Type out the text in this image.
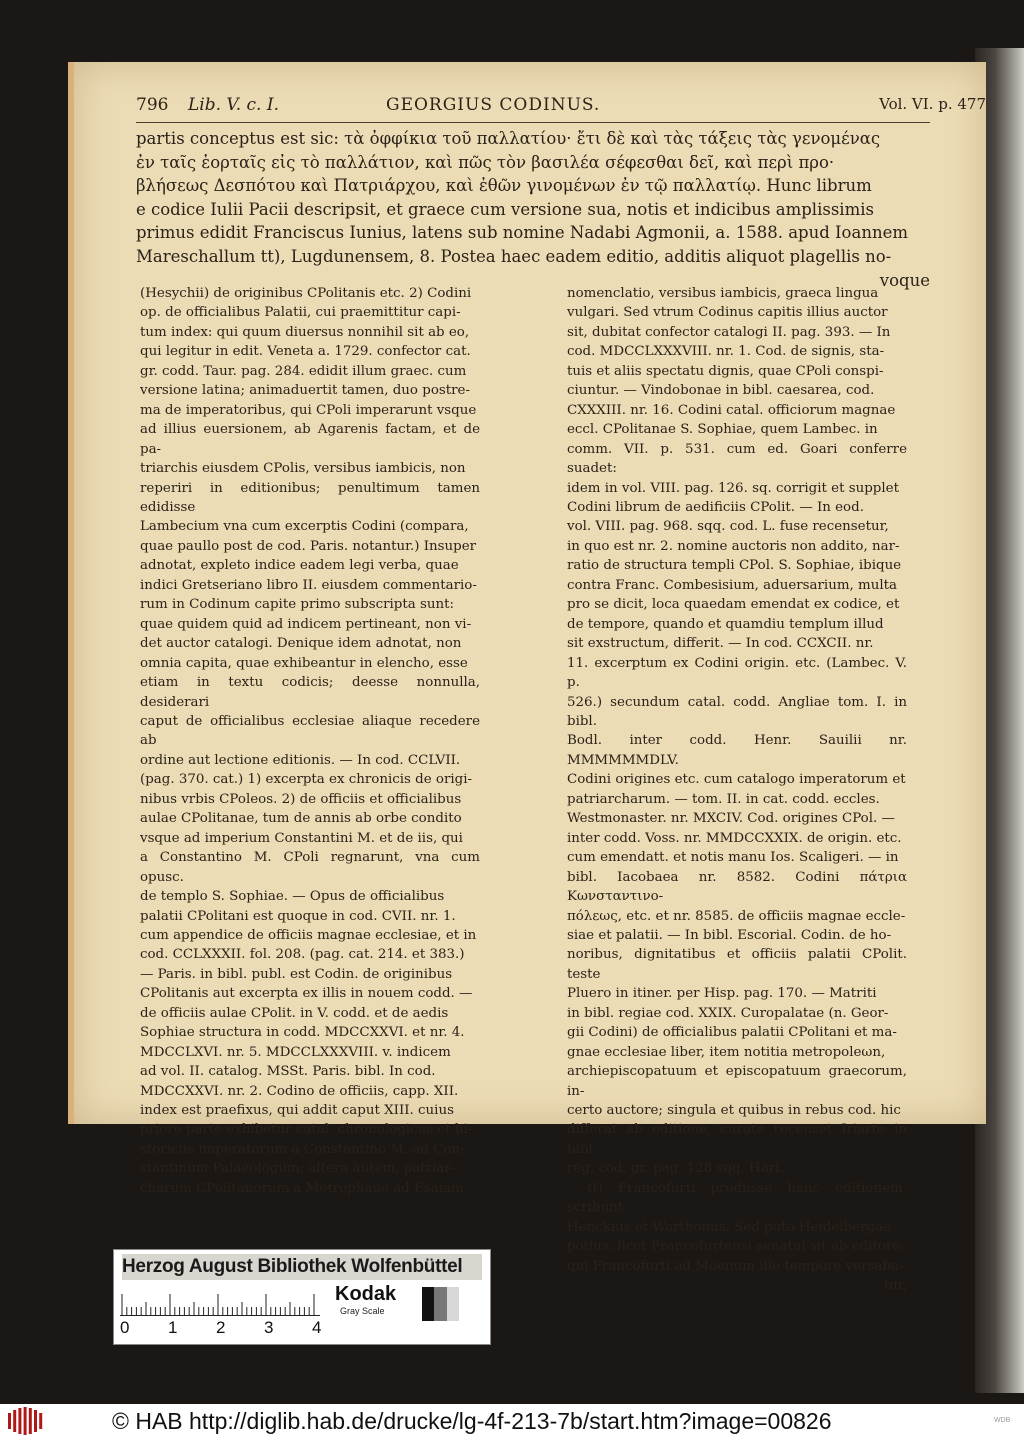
796 Lib. V. c. I.	GEORGIUS CODINUS.	Vol. VI. p. 477

partis conceptus est sic: τὰ ὀφφίκια τοῦ παλλατίου· ἔτι δὲ καὶ τὰς τάξεις τὰς γενομένας

ἐν ταῖς ἑορταῖς εἰς τὸ παλλάτιον, καὶ πῶς τὸν βασιλέα σέφεσθαι δεῖ, καὶ περὶ προ·

βλήσεως Δεσπότου καὶ Πατριάρχου, καὶ ἐθῶν γινομένων ἐν τῷ παλλατίῳ. Hunc librum

e codice Iulii Pacii descripsit, et graece cum versione sua, notis et indicibus amplissimis

primus edidit Franciscus Iunius, latens sub nomine Nadabi Agmonii, a. 1588. apud Ioannem

Mareschallum tt), Lugdunensem, 8. Postea haec eadem editio, additis aliquot plagellis no-

voque

(Hesychii) de originibus CPolitanis etc. 2) Codini

op. de officialibus Palatii, cui praemittitur capi-

tum index: qui quum diuersus nonnihil sit ab eo,

qui legitur in edit. Veneta a. 1729. confector cat.

gr. codd. Taur. pag. 284. edidit illum graec. cum

versione latina; animaduertit tamen, duo postre-

ma de imperatoribus, qui CPoli imperarunt vsque

ad illius euersionem, ab Agarenis factam, et de pa-

triarchis eiusdem CPolis, versibus iambicis, non

reperiri in editionibus; penultimum tamen edidisse

Lambecium vna cum excerptis Codini (compara,

quae paullo post de cod. Paris. notantur.) Insuper

adnotat, expleto indice eadem legi verba, quae

indici Gretseriano libro II. eiusdem commentario-

rum in Codinum capite primo subscripta sunt:

quae quidem quid ad indicem pertineant, non vi-

det auctor catalogi. Denique idem adnotat, non

omnia capita, quae exhibeantur in elencho, esse

etiam in textu codicis; deesse nonnulla, desiderari

caput de officialibus ecclesiae aliaque recedere ab

ordine aut lectione editionis. — In cod. CCLVII.

(pag. 370. cat.) 1) excerpta ex chronicis de origi-

nibus vrbis CPoleos. 2) de officiis et officialibus

aulae CPolitanae, tum de annis ab orbe condito

vsque ad imperium Constantini M. et de iis, qui

a Constantino M. CPoli regnarunt, vna cum opusc.

de templo S. Sophiae. — Opus de officialibus

palatii CPolitani est quoque in cod. CVII. nr. 1.

cum appendice de officiis magnae ecclesiae, et in

cod. CCLXXXII. fol. 208. (pag. cat. 214. et 383.)

— Paris. in bibl. publ. est Codin. de originibus

CPolitanis aut excerpta ex illis in nouem codd. —

de officiis aulae CPolit. in V. codd. et de aedis

Sophiae structura in codd. MDCCXXVI. et nr. 4.

MDCCLXVI. nr. 5. MDCCLXXXVIII. v. indicem

ad vol. II. catalog. MSSt. Paris. bibl. In cod.

MDCCXXVI. nr. 2. Codino de officiis, capp. XII.

index est praefixus, qui addit caput XIII. cuius

priore parte exhibetur catal. chronologicus et hi-

storicus imperatorum a Constantino M. ad Con-

stantinum Palaeologum; altera autem, patriar-

charum CPolitanorum a Metrophane ad Esaiam

nomenclatio, versibus iambicis, graeca lingua

vulgari. Sed vtrum Codinus capitis illius auctor

sit, dubitat confector catalogi II. pag. 393. — In

cod. MDCCLXXXVIII. nr. 1. Cod. de signis, sta-

tuis et aliis spectatu dignis, quae CPoli conspi-

ciuntur. — Vindobonae in bibl. caesarea, cod.

CXXXIII. nr. 16. Codini catal. officiorum magnae

eccl. CPolitanae S. Sophiae, quem Lambec. in

comm. VII. p. 531. cum ed. Goari conferre suadet:

idem in vol. VIII. pag. 126. sq. corrigit et supplet

Codini librum de aedificiis CPolit. — In eod.

vol. VIII. pag. 968. sqq. cod. L. fuse recensetur,

in quo est nr. 2. nomine auctoris non addito, nar-

ratio de structura templi CPol. S. Sophiae, ibique

contra Franc. Combesisium, aduersarium, multa

pro se dicit, loca quaedam emendat ex codice, et

de tempore, quando et quamdiu templum illud

sit exstructum, differit. — In cod. CCXCII. nr.

11. excerptum ex Codini origin. etc. (Lambec. V. p.

526.) secundum catal. codd. Angliae tom. I. in bibl.

Bodl. inter codd. Henr. Sauilii nr. MMMMMMDLV.

Codini origines etc. cum catalogo imperatorum et

patriarcharum. — tom. II. in cat. codd. eccles.

Westmonaster. nr. MXCIV. Cod. origines CPol. —

inter codd. Voss. nr. MMDCCXXIX. de origin. etc.

cum emendatt. et notis manu Ios. Scaligeri. — in

bibl. Iacobaea nr. 8582. Codini πάτρια Κωνσταντινο-

πόλεως, etc. et nr. 8585. de officiis magnae eccle-

siae et palatii. — In bibl. Escorial. Codin. de ho-

noribus, dignitatibus et officiis palatii CPolit. teste

Pluero in itiner. per Hisp. pag. 170. — Matriti

in bibl. regiae cod. XXIX. Curopalatae (n. Geor-

gii Codini) de officialibus palatii CPolitani et ma-

gnae ecclesiae liber, item notitia metropoleωn,

archiepiscopatuum et episcopatuum graecorum, in-

certo auctore; singula et quibus in rebus cod. hic

differat ab editione, curate recenset Iriarte in bibl.

reg. cod. gr. pag. 128 sqq. Harl.

tt) Francofurti prodiisse hanc editionem, scribunt

Henckius et Warthonus. Sed puto Heidelbergae

potius, licet Francofurtensi senatui sit ab editore,

qui Francofurti ad Moenum illo tempore versaba-

tur,

Herzog August Bibliothek Wolfenbüttel
0 1 2 3 4
Kodak
Gray Scale
© HAB http://diglib.hab.de/drucke/lg-4f-213-7b/start.htm?image=00826	WDB
